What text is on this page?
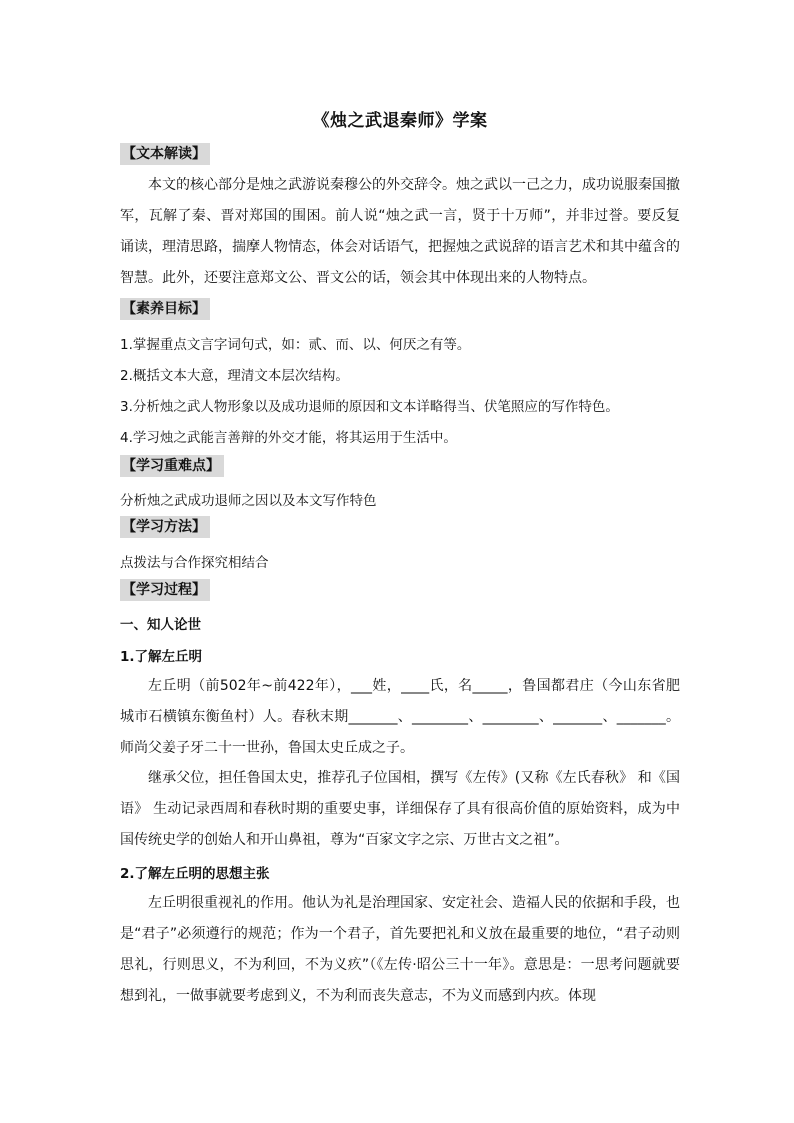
《烛之武退秦师》学案
【文本解读】
本文的核心部分是烛之武游说秦穆公的外交辞令。烛之武以一己之力，成功说服秦国撤军，瓦解了秦、晋对郑国的围困。前人说“烛之武一言，贤于十万师”，并非过誉。要反复诵读，理清思路，揣摩人物情态，体会对话语气，把握烛之武说辞的语言艺术和其中蕴含的智慧。此外，还要注意郑文公、晋文公的话，领会其中体现出来的人物特点。
【素养目标】
1.掌握重点文言字词句式，如：贰、而、以、何厌之有等。
2.概括文本大意，理清文本层次结构。
3.分析烛之武人物形象以及成功退师的原因和文本详略得当、伏笔照应的写作特色。
4.学习烛之武能言善辩的外交才能，将其运用于生活中。
【学习重难点】
分析烛之武成功退师之因以及本文写作特色
【学习方法】
点拨法与合作探究相结合
【学习过程】
一、知人论世
1.了解左丘明
左丘明（前502年~前422年），___姓，____氏，名_____，鲁国都君庄（今山东省肥城市石横镇东衡鱼村）人。春秋末期_______、________、________、_______、_______。师尚父姜子牙二十一世孙，鲁国太史丘成之子。
继承父位，担任鲁国太史，推荐孔子位国相，撰写《左传》(又称《左氏春秋》 和《国语》 生动记录西周和春秋时期的重要史事，详细保存了具有很高价值的原始资料，成为中国传统史学的创始人和开山鼻祖，尊为“百家文字之宗、万世古文之祖”。
2.了解左丘明的思想主张
左丘明很重视礼的作用。他认为礼是治理国家、安定社会、造福人民的依据和手段，也是“君子”必须遵行的规范；作为一个君子，首先要把礼和义放在最重要的地位，“君子动则思礼，行则思义，不为利回，不为义疚”（《左传·昭公三十一年》。意思是：一思考问题就要想到礼，一做事就要考虑到义，不为利而丧失意志，不为义而感到内疚。体现
